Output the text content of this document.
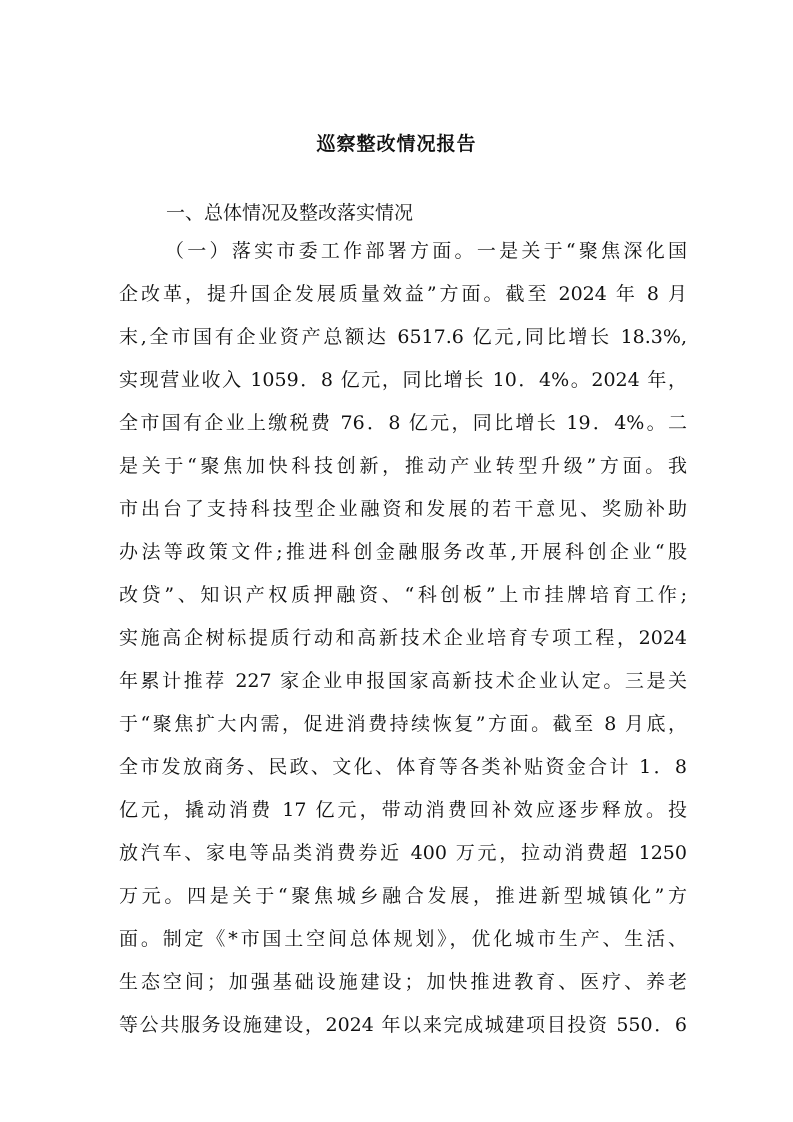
巡察整改情况报告
一、总体情况及整改落实情况
（一）落实市委工作部署方面。一是关于“聚焦深化国
企改革，提升国企发展质量效益”方面。截至 2024 年 8 月
末,全市国有企业资产总额达 6517.6 亿元,同比增长 18.3%,
实现营业收入 1059．8 亿元，同比增长 10．4%。2024 年，
全市国有企业上缴税费 76．8 亿元，同比增长 19．4%。二
是关于“聚焦加快科技创新，推动产业转型升级”方面。我
市出台了支持科技型企业融资和发展的若干意见、奖励补助
办法等政策文件;推进科创金融服务改革,开展科创企业“股
改贷”、知识产权质押融资、“科创板”上市挂牌培育工作;
实施高企树标提质行动和高新技术企业培育专项工程，2024
年累计推荐 227 家企业申报国家高新技术企业认定。三是关
于“聚焦扩大内需，促进消费持续恢复”方面。截至 8 月底，
全市发放商务、民政、文化、体育等各类补贴资金合计 1．8
亿元，撬动消费 17 亿元，带动消费回补效应逐步释放。投
放汽车、家电等品类消费券近 400 万元，拉动消费超 1250
万元。四是关于“聚焦城乡融合发展，推进新型城镇化”方
面。制定《*市国土空间总体规划》，优化城市生产、生活、
生态空间；加强基础设施建设；加快推进教育、医疗、养老
等公共服务设施建设，2024 年以来完成城建项目投资 550．6
